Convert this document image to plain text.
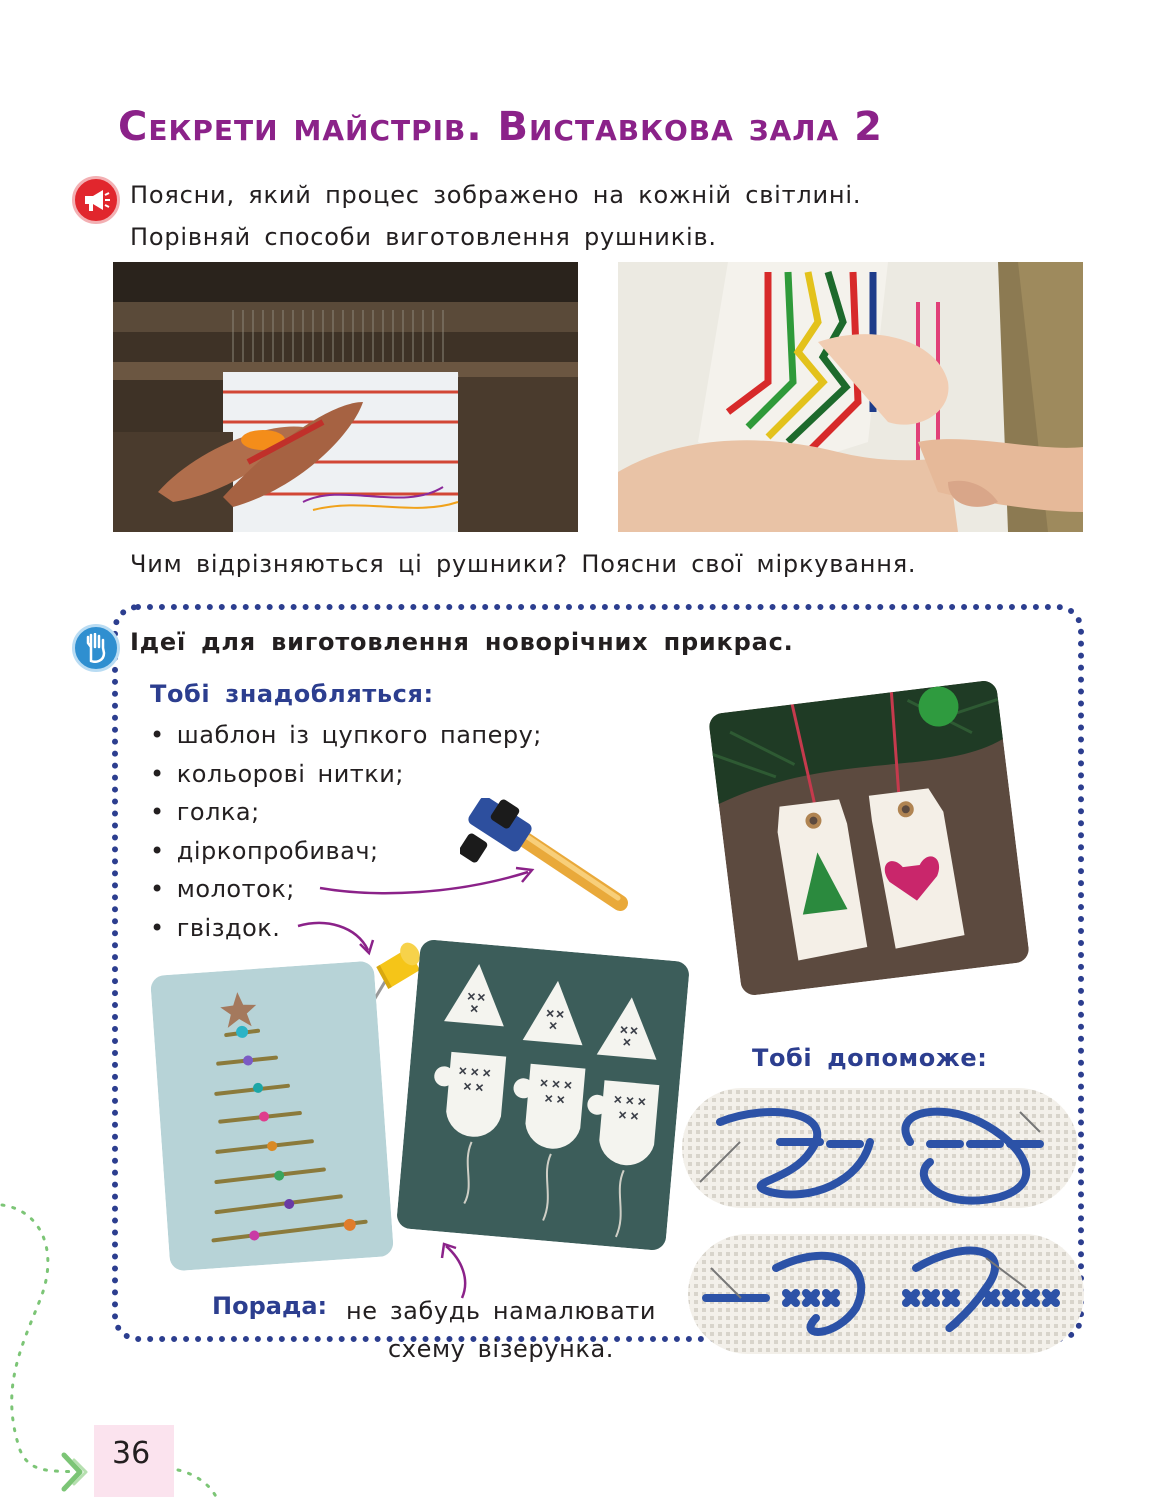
Секрети майстрів. Виставкова зала 2
Поясни, який процес зображено на кожній світлині.
Порівняй способи виготовлення рушників.
Чим відрізняються ці рушники? Поясни свої міркування.
Ідеї для виготовлення новорічних прикрас.
Тобі знадобляться:
• шаблон із цупкого паперу;
• кольорові нитки;
• голка;
• діркопробивач;
• молоток;
• гвіздок.
Тобі допоможе:
Порада: не забудь намалювати
схему візерунка.
36
